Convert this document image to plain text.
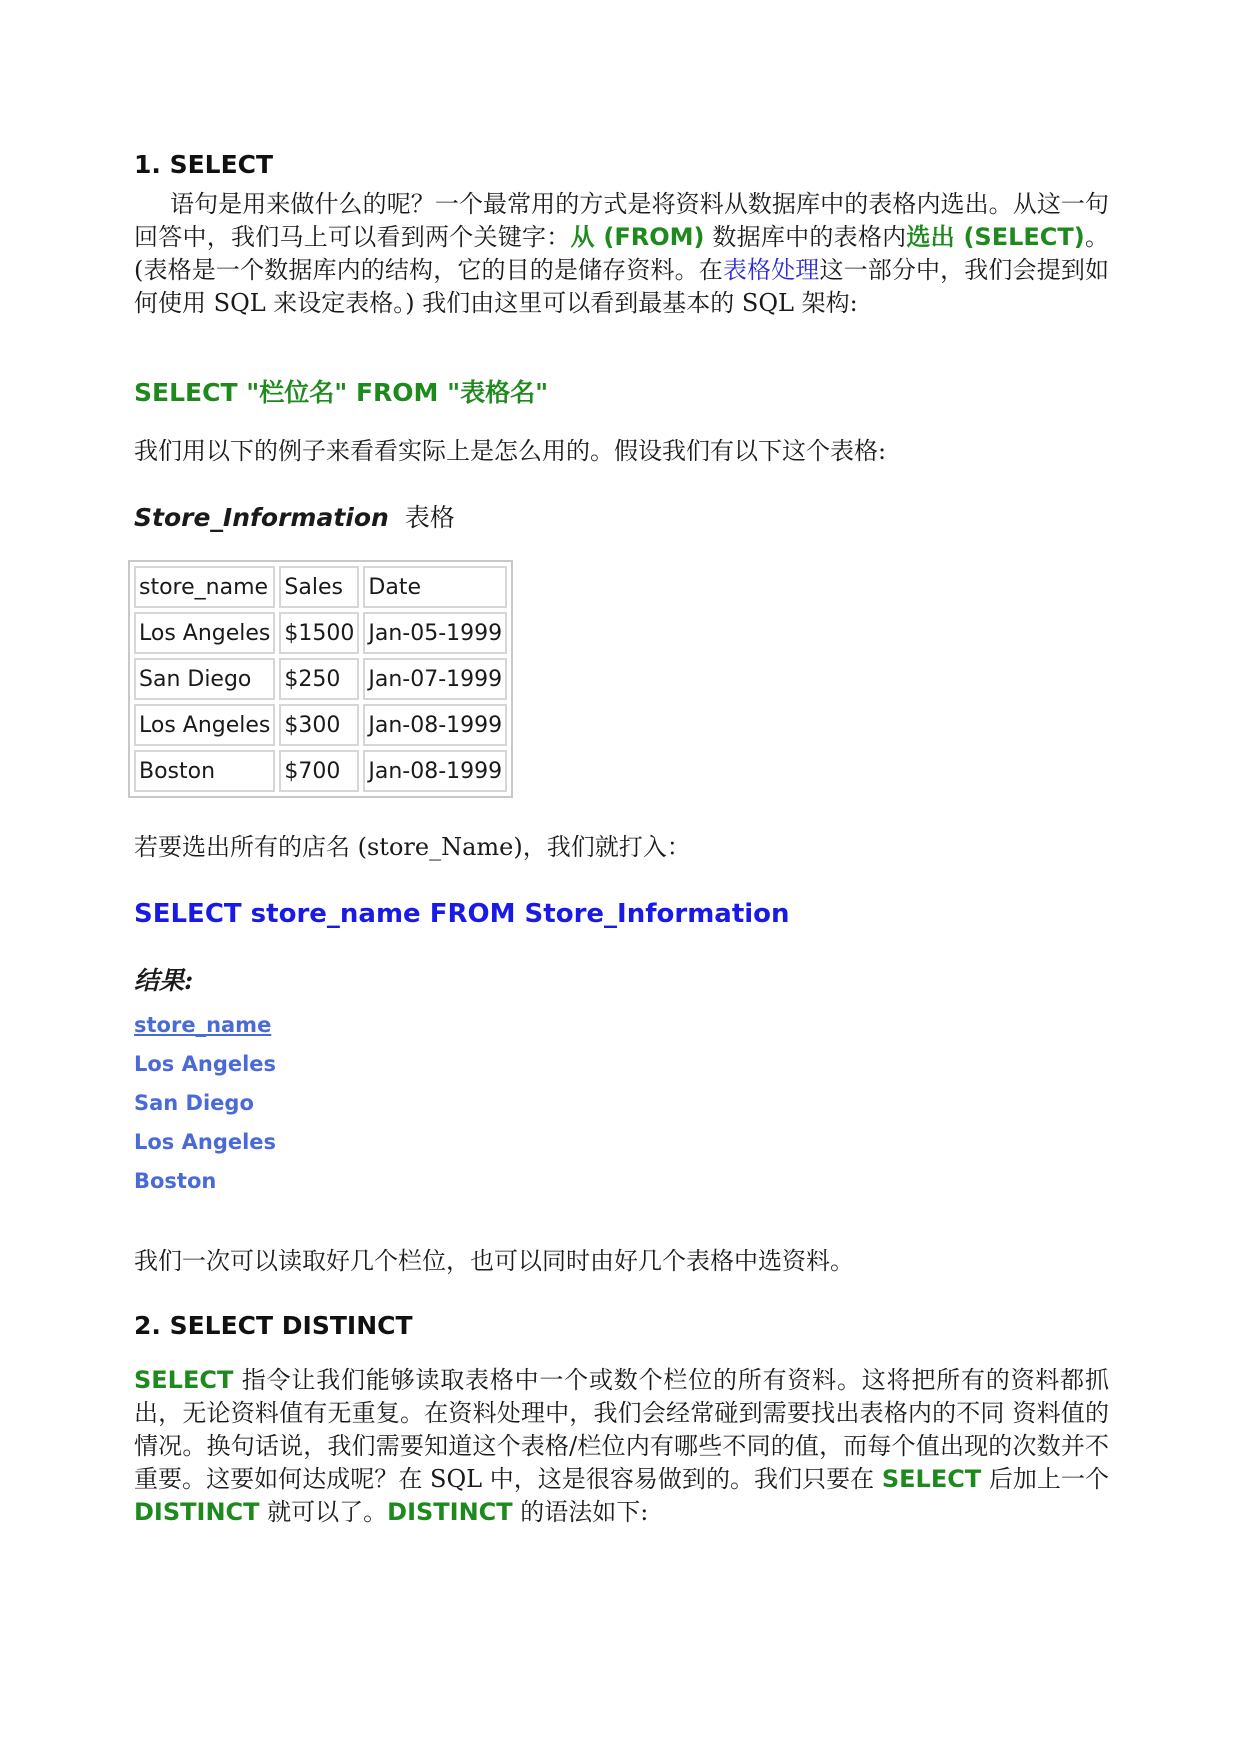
1. SELECT
语句是用来做什么的呢？一个最常用的方式是将资料从数据库中的表格内选出。从这一句回答中，我们马上可以看到两个关键字：从 (FROM) 数据库中的表格内选出 (SELECT)。(表格是一个数据库内的结构，它的目的是储存资料。在表格处理这一部分中，我们会提到如何使用 SQL 来设定表格。) 我们由这里可以看到最基本的 SQL 架构:
SELECT "栏位名" FROM "表格名"
我们用以下的例子来看看实际上是怎么用的。假设我们有以下这个表格:
Store_Information 表格
store_name	Sales	Date
Los Angeles	$1500	Jan-05-1999
San Diego	$250	Jan-07-1999
Los Angeles	$300	Jan-08-1999
Boston	$700	Jan-08-1999
若要选出所有的店名 (store_Name)，我们就打入：
SELECT store_name FROM Store_Information
结果:
store_name
Los Angeles
San Diego
Los Angeles
Boston
我们一次可以读取好几个栏位，也可以同时由好几个表格中选资料。
2. SELECT DISTINCT
SELECT 指令让我们能够读取表格中一个或数个栏位的所有资料。这将把所有的资料都抓出，无论资料值有无重复。在资料处理中，我们会经常碰到需要找出表格内的不同 资料值的情况。换句话说，我们需要知道这个表格/栏位内有哪些不同的值，而每个值出现的次数并不重要。这要如何达成呢？在 SQL 中，这是很容易做到的。我们只要在 SELECT 后加上一个 DISTINCT 就可以了。DISTINCT 的语法如下:
